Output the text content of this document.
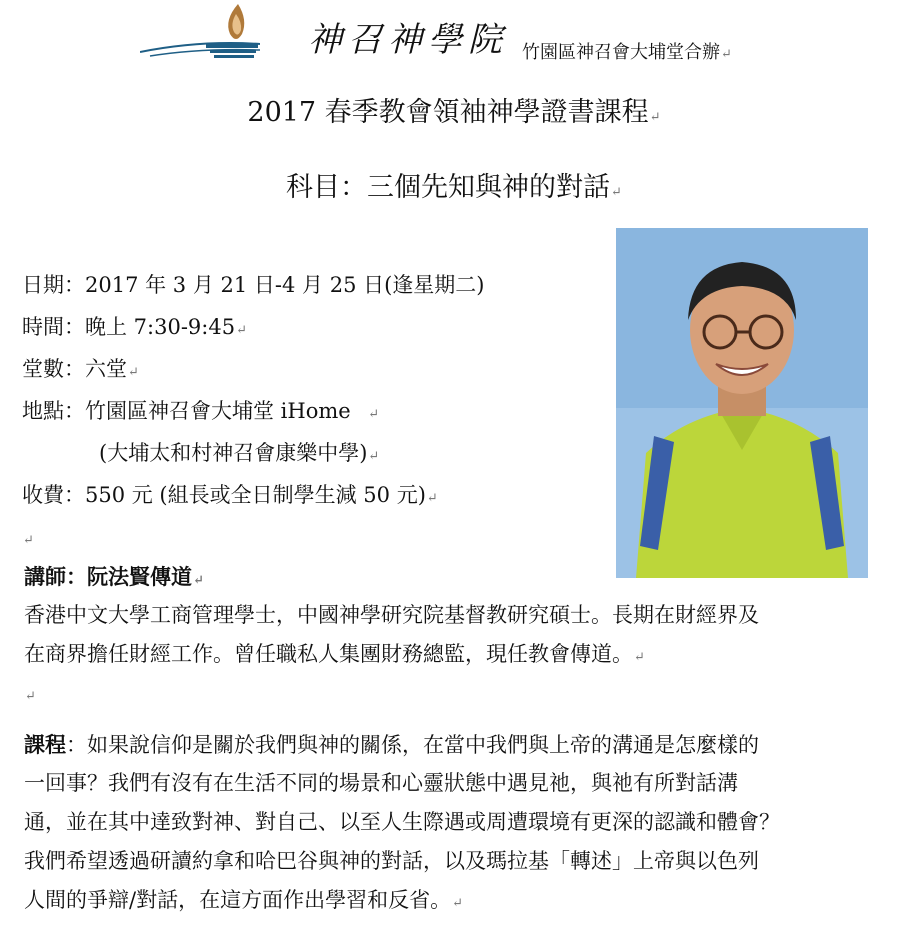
神召神學院 竹園區神召會大埔堂合辦↵
2017 春季教會領袖神學證書課程↵
科目：三個先知與神的對話↵
日期：2017 年 3 月 21 日-4 月 25 日(逢星期二)
時間：晚上 7:30-9:45↵
堂數：六堂↵
地點：竹園區神召會大埔堂 iHome    ↵
(大埔太和村神召會康樂中學)↵
收費：550 元 (組長或全日制學生減 50 元)↵
↵
講師：阮法賢傳道↵
香港中文大學工商管理學士，中國神學研究院基督教研究碩士。長期在財經界及
在商界擔任財經工作。曾任職私人集團財務總監，現任教會傳道。↵
↵
課程：如果說信仰是關於我們與神的關係，在當中我們與上帝的溝通是怎麼樣的
一回事？我們有沒有在生活不同的場景和心靈狀態中遇見祂，與祂有所對話溝
通，並在其中達致對神、對自己、以至人生際遇或周遭環境有更深的認識和體會？
我們希望透過研讀約拿和哈巴谷與神的對話，以及瑪拉基「轉述」上帝與以色列
人間的爭辯/對話，在這方面作出學習和反省。↵
